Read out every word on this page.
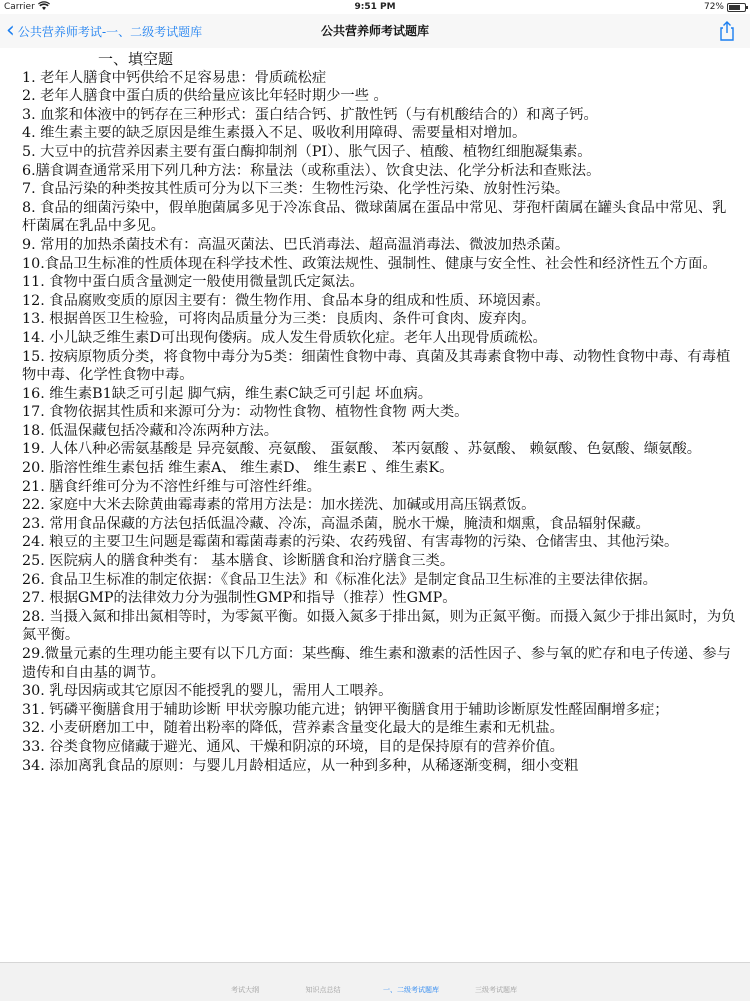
Carrier	9:51 PM	72%
‹ 公共营养师考试-一、二级考试题库	公共营养师考试题库
一、填空题
1. 老年人膳食中钙供给不足容易患：骨质疏松症
2. 老年人膳食中蛋白质的供给量应该比年轻时期少一些 。
3. 血浆和体液中的钙存在三种形式：蛋白结合钙、扩散性钙（与有机酸结合的）和离子钙。
4. 维生素主要的缺乏原因是维生素摄入不足、吸收利用障碍、需要量相对增加。
5. 大豆中的抗营养因素主要有蛋白酶抑制剂（PI）、胀气因子、植酸、植物红细胞凝集素。
6.膳食调查通常采用下列几种方法：称量法（或称重法）、饮食史法、化学分析法和查账法。
7. 食品污染的种类按其性质可分为以下三类：生物性污染、化学性污染、放射性污染。
8. 食品的细菌污染中，假单胞菌属多见于冷冻食品、微球菌属在蛋品中常见、芽孢杆菌属在罐头食品中常见、乳杆菌属在乳品中多见。
9. 常用的加热杀菌技术有：高温灭菌法、巴氏消毒法、超高温消毒法、微波加热杀菌。
10.食品卫生标准的性质体现在科学技术性、政策法规性、强制性、健康与安全性、社会性和经济性五个方面。
11. 食物中蛋白质含量测定一般使用微量凯氏定氮法。
12. 食品腐败变质的原因主要有：微生物作用、食品本身的组成和性质、环境因素。
13. 根据兽医卫生检验，可将肉品质量分为三类：良质肉、条件可食肉、废弃肉。
14. 小儿缺乏维生素D可出现佝偻病。成人发生骨质软化症。老年人出现骨质疏松。
15. 按病原物质分类，将食物中毒分为5类：细菌性食物中毒、真菌及其毒素食物中毒、动物性食物中毒、有毒植物中毒、化学性食物中毒。
16. 维生素B1缺乏可引起 脚气病，维生素C缺乏可引起 坏血病。
17. 食物依据其性质和来源可分为：动物性食物、植物性食物 两大类。
18. 低温保藏包括冷藏和冷冻两种方法。
19. 人体八种必需氨基酸是 异亮氨酸、亮氨酸、 蛋氨酸、 苯丙氨酸 、苏氨酸、 赖氨酸、色氨酸、缬氨酸。
20. 脂溶性维生素包括 维生素A、 维生素D、 维生素E 、维生素K。
21. 膳食纤维可分为不溶性纤维与可溶性纤维。
22. 家庭中大米去除黄曲霉毒素的常用方法是：加水搓洗、加碱或用高压锅煮饭。
23. 常用食品保藏的方法包括低温冷藏、冷冻，高温杀菌，脱水干燥，腌渍和烟熏，食品辐射保藏。
24. 粮豆的主要卫生问题是霉菌和霉菌毒素的污染、农药残留、有害毒物的污染、仓储害虫、其他污染。
25. 医院病人的膳食种类有： 基本膳食、诊断膳食和治疗膳食三类。
26. 食品卫生标准的制定依据：《食品卫生法》和《标准化法》是制定食品卫生标准的主要法律依据。
27. 根据GMP的法律效力分为强制性GMP和指导（推荐）性GMP。
28. 当摄入氮和排出氮相等时，为零氮平衡。如摄入氮多于排出氮，则为正氮平衡。而摄入氮少于排出氮时，为负氮平衡。
29.微量元素的生理功能主要有以下几方面：某些酶、维生素和激素的活性因子、参与氧的贮存和电子传递、参与遗传和自由基的调节。
30. 乳母因病或其它原因不能授乳的婴儿，需用人工喂养。
31. 钙磷平衡膳食用于辅助诊断 甲状旁腺功能亢进；钠钾平衡膳食用于辅助诊断原发性醛固酮增多症；
32. 小麦研磨加工中，随着出粉率的降低，营养素含量变化最大的是维生素和无机盐。
33. 谷类食物应储藏于避光、通风、干燥和阴凉的环境，目的是保持原有的营养价值。
34. 添加离乳食品的原则：与婴儿月龄相适应，从一种到多种，从稀逐渐变稠，细小变粗
考试大纲	知识点总结	一、二级考试题库	三级考试题库
